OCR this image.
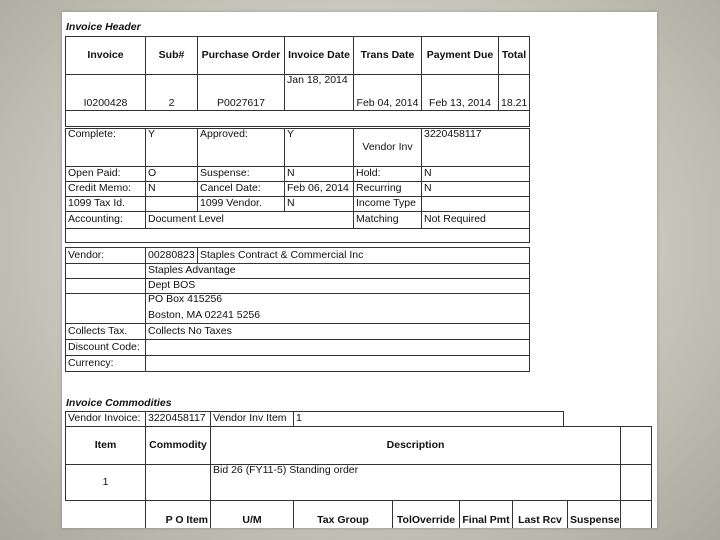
Invoice Header
Invoice	Sub#	Purchase Order	Invoice Date	Trans Date	Payment Due	Total
I0200428	2	P0027617	Jan 18, 2014	Feb 04, 2014	Feb 13, 2014	18.21

Complete:	Y	Approved:	Y	Vendor Inv	3220458117
Open Paid:	O	Suspense:	N	Hold:	N
Credit Memo:	N	Cancel Date:	Feb 06, 2014	Recurring	N
1099 Tax Id.		1099 Vendor.	N	Income Type	
Accounting:	Document Level			Matching	Not Required

Vendor:	00280823	Staples Contract & Commercial Inc
	Staples Advantage	
	Dept BOS	

	PO Box 415256
Boston, MA 02241 5256	

Collects Tax.	Collects No Taxes	
Discount Code:		
Currency:		
Invoice Commodities
Vendor Invoice:	3220458117	Vendor Inv Item	1
Item	Commodity	Description						
1		Bid 26 (FY11-5) Standing order						
	P O Item	U/M	Tax Group	TolOverride	Final Pmt	Last Rcv	Suspense	
